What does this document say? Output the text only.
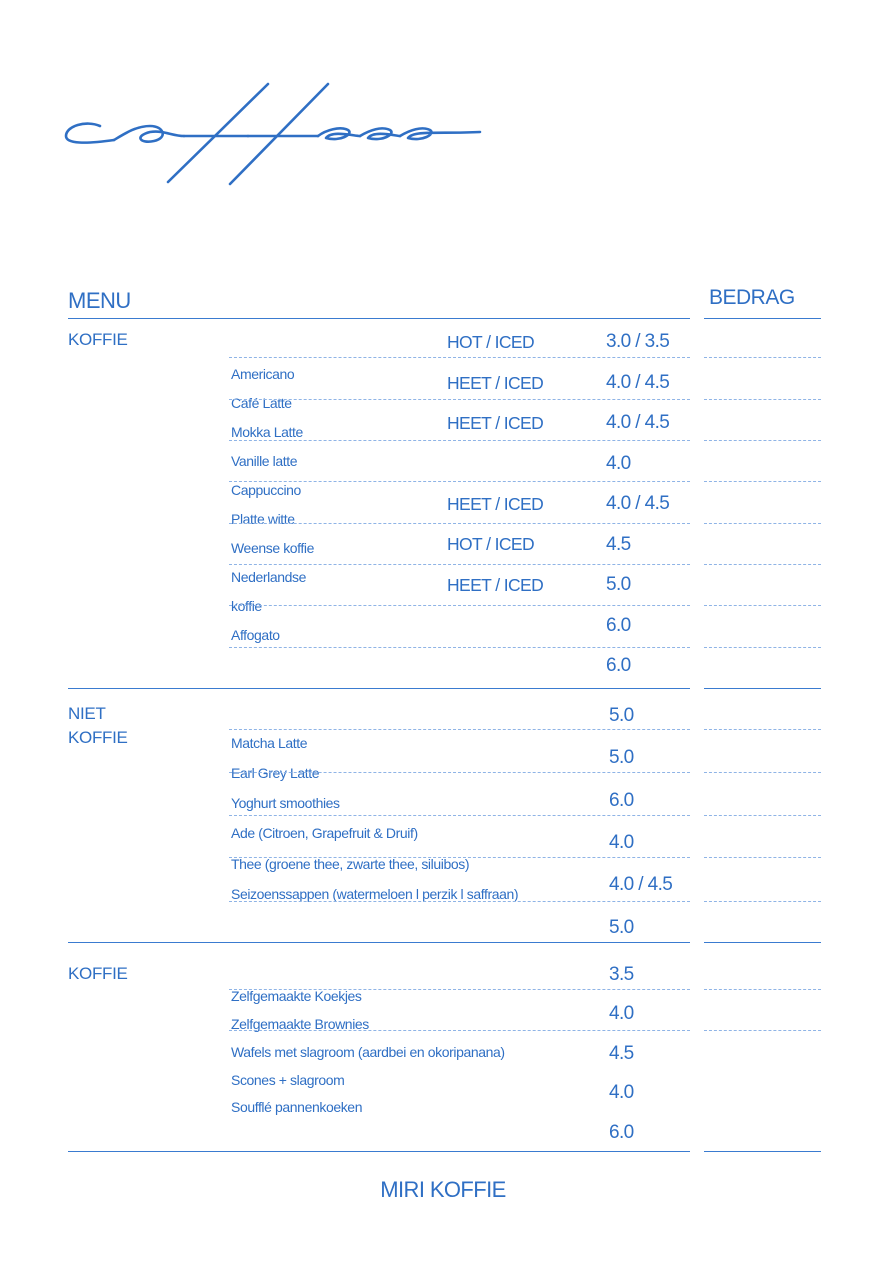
MENU	BEDRAG
KOFFIE
Americano
Café Latte
Mokka Latte
Vanille latte
Cappuccino
Platte witte
Weense koffie
Nederlandse
koffie
Affogato
HOT / ICED
HEET / ICED
HEET / ICED
HEET / ICED
HOT / ICED
HEET / ICED
3.0 / 3.5
4.0 / 4.5
4.0 / 4.5
4.0
4.0 / 4.5
4.5
5.0
6.0
6.0
NIET
KOFFIE	Matcha Latte
Earl Grey Latte
Yoghurt smoothies
Ade (Citroen, Grapefruit & Druif)
Thee (groene thee, zwarte thee, siluibos)
Seizoenssappen (watermeloen l perzik l saffraan)
5.0
5.0
6.0
4.0
4.0 / 4.5
5.0
KOFFIE
Zelfgemaakte Koekjes
Zelfgemaakte Brownies
Wafels met slagroom (aardbei en okoripanana)
Scones + slagroom
Soufflé pannenkoeken
3.5
4.0
4.5
4.0
6.0
MIRI KOFFIE
